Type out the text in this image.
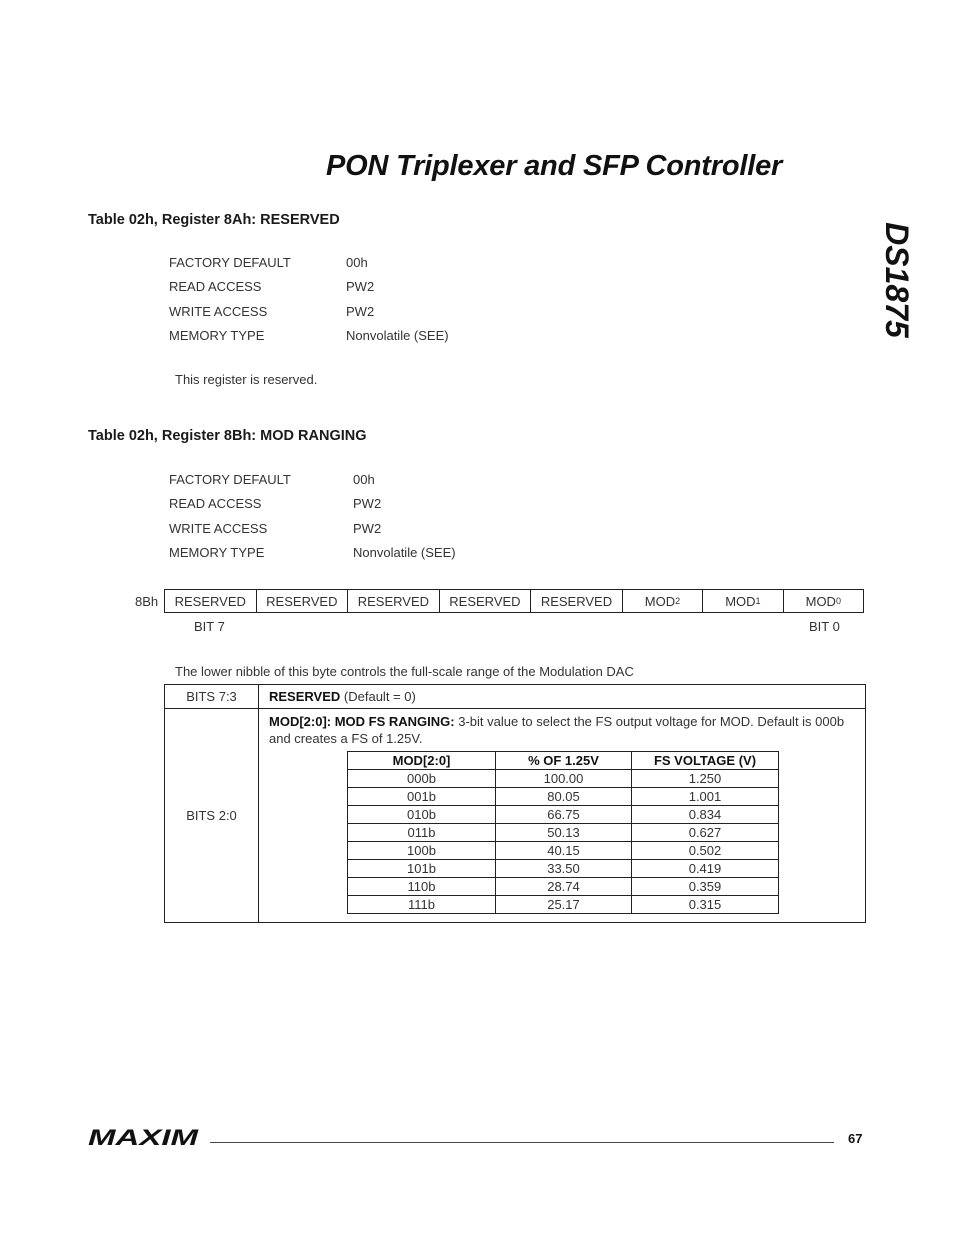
PON Triplexer and SFP Controller
DS1875
Table 02h, Register 8Ah: RESERVED
FACTORY DEFAULT	00h
READ ACCESS	PW2
WRITE ACCESS	PW2
MEMORY TYPE	Nonvolatile (SEE)
This register is reserved.
Table 02h, Register 8Bh: MOD RANGING
FACTORY DEFAULT	00h
READ ACCESS	PW2
WRITE ACCESS	PW2
MEMORY TYPE	Nonvolatile (SEE)
8Bh RESERVED RESERVED RESERVED RESERVED RESERVED	MOD 2	MOD 1	MOD 0
BIT 7	BIT 0
The lower nibble of this byte controls the full-scale range of the Modulation DAC
BITS 7:3	RESERVED (Default = 0)
BITS 2:0	MOD[2:0]: MOD FS RANGING: 3-bit value to select the FS output voltage for MOD. Default is 000b and creates a FS of 1.25V.
MOD[2:0]	% OF 1.25V	FS VOLTAGE (V)
000b	100.00	1.250
001b	80.05	1.001
010b	66.75	0.834
011b	50.13	0.627
100b	40.15	0.502
101b	33.50	0.419
110b	28.74	0.359
111b	25.17	0.315
MAXIM	67
